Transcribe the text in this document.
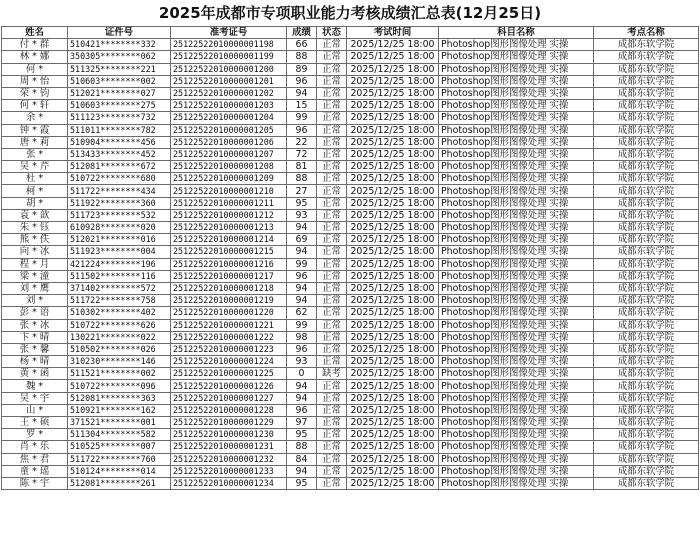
2025年成都市专项职业能力考核成绩汇总表(12月25日)
姓名	证件号	准考证号	成绩	状态	考试时间	科目名称	考点名称
付 * 群	510421********332	25122522010000001198	66	正常	2025/12/25 18:00	Photoshop图形图像处理 实操	成都东软学院
林 * 娜	350305********062	25122522010000001199	88	正常	2025/12/25 18:00	Photoshop图形图像处理 实操	成都东软学院
何 *	511325********221	25122522010000001200	89	正常	2025/12/25 18:00	Photoshop图形图像处理 实操	成都东软学院
周 * 怡	510603********002	25122522010000001201	96	正常	2025/12/25 18:00	Photoshop图形图像处理 实操	成都东软学院
荣 * 钧	512021********027	25122522010000001202	94	正常	2025/12/25 18:00	Photoshop图形图像处理 实操	成都东软学院
何 * 轩	510603********275	25122522010000001203	15	正常	2025/12/25 18:00	Photoshop图形图像处理 实操	成都东软学院
余 *	511123********732	25122522010000001204	99	正常	2025/12/25 18:00	Photoshop图形图像处理 实操	成都东软学院
钟 * 霞	511011********782	25122522010000001205	96	正常	2025/12/25 18:00	Photoshop图形图像处理 实操	成都东软学院
唐 * 莉	510904********456	25122522010000001206	22	正常	2025/12/25 18:00	Photoshop图形图像处理 实操	成都东软学院
张 *	513433********452	25122522010000001207	72	正常	2025/12/25 18:00	Photoshop图形图像处理 实操	成都东软学院
吴 * 芹	512081********672	25122522010000001208	81	正常	2025/12/25 18:00	Photoshop图形图像处理 实操	成都东软学院
杜 *	510722********680	25122522010000001209	88	正常	2025/12/25 18:00	Photoshop图形图像处理 实操	成都东软学院
柯 *	511722********434	25122522010000001210	27	正常	2025/12/25 18:00	Photoshop图形图像处理 实操	成都东软学院
胡 *	511922********360	25122522010000001211	95	正常	2025/12/25 18:00	Photoshop图形图像处理 实操	成都东软学院
袁 * 歆	511723********532	25122522010000001212	93	正常	2025/12/25 18:00	Photoshop图形图像处理 实操	成都东软学院
朱 * 钰	610928********020	25122522010000001213	94	正常	2025/12/25 18:00	Photoshop图形图像处理 实操	成都东软学院
熊 * 佚	512021********016	25122522010000001214	69	正常	2025/12/25 18:00	Photoshop图形图像处理 实操	成都东软学院
向 * 冰	511923********004	25122522010000001215	94	正常	2025/12/25 18:00	Photoshop图形图像处理 实操	成都东软学院
程 * 月	421224********196	25122522010000001216	99	正常	2025/12/25 18:00	Photoshop图形图像处理 实操	成都东软学院
梁 * 潼	511502********116	25122522010000001217	96	正常	2025/12/25 18:00	Photoshop图形图像处理 实操	成都东软学院
刘 * 鹰	371402********572	25122522010000001218	94	正常	2025/12/25 18:00	Photoshop图形图像处理 实操	成都东软学院
刘 *	511722********758	25122522010000001219	94	正常	2025/12/25 18:00	Photoshop图形图像处理 实操	成都东软学院
彭 * 语	510302********402	25122522010000001220	62	正常	2025/12/25 18:00	Photoshop图形图像处理 实操	成都东软学院
张 * 冰	510722********626	25122522010000001221	99	正常	2025/12/25 18:00	Photoshop图形图像处理 实操	成都东软学院
卞 * 晴	130221********022	25122522010000001222	98	正常	2025/12/25 18:00	Photoshop图形图像处理 实操	成都东软学院
张 * 馨	510502********026	25122522010000001223	96	正常	2025/12/25 18:00	Photoshop图形图像处理 实操	成都东软学院
杨 * 晴	310230********146	25122522010000001224	93	正常	2025/12/25 18:00	Photoshop图形图像处理 实操	成都东软学院
黄 * 函	511521********002	25122522010000001225	0	缺考	2025/12/25 18:00	Photoshop图形图像处理 实操	成都东软学院
魏 *	510722********096	25122522010000001226	94	正常	2025/12/25 18:00	Photoshop图形图像处理 实操	成都东软学院
吴 * 宇	512081********363	25122522010000001227	94	正常	2025/12/25 18:00	Photoshop图形图像处理 实操	成都东软学院
山 *	510921********162	25122522010000001228	96	正常	2025/12/25 18:00	Photoshop图形图像处理 实操	成都东软学院
王 * 硕	371521********001	25122522010000001229	97	正常	2025/12/25 18:00	Photoshop图形图像处理 实操	成都东软学院
罗 *	511304********582	25122522010000001230	95	正常	2025/12/25 18:00	Photoshop图形图像处理 实操	成都东软学院
肖 * 乐	510525********007	25122522010000001231	88	正常	2025/12/25 18:00	Photoshop图形图像处理 实操	成都东软学院
焦 * 君	511722********760	25122522010000001232	84	正常	2025/12/25 18:00	Photoshop图形图像处理 实操	成都东软学院
童 * 瑶	510124********014	25122522010000001233	94	正常	2025/12/25 18:00	Photoshop图形图像处理 实操	成都东软学院
陈 * 宇	512081********261	25122522010000001234	95	正常	2025/12/25 18:00	Photoshop图形图像处理 实操	成都东软学院
